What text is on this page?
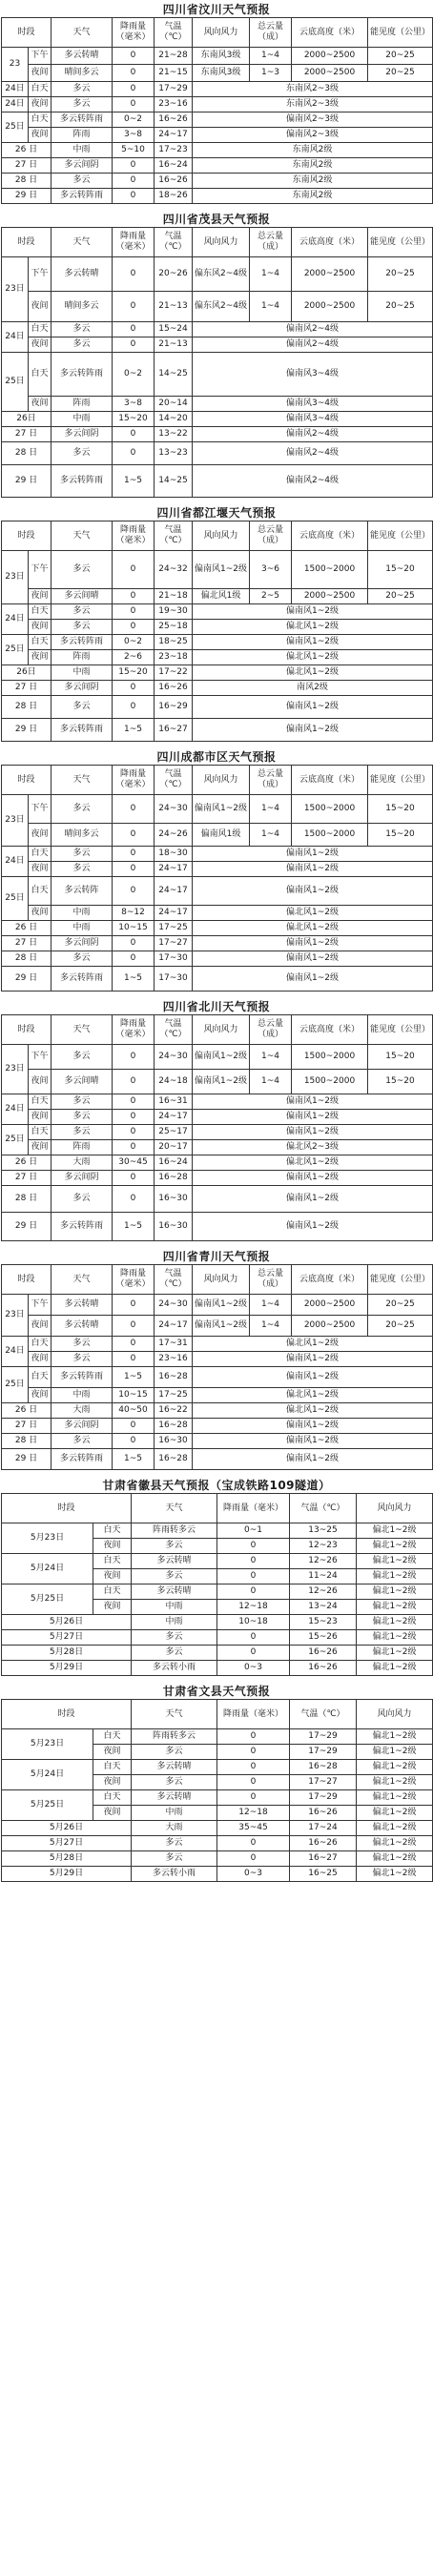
四川省汶川天气预报
时段		天气	降雨量（毫米）	气温（℃）	风向风力	总云量（成）	云底高度（米）	能见度（公里）
23	下午	多云转晴	0	21~28	东南风3级	1~4	2000~2500	20~25
	夜间	晴间多云	0	21~15	东南风3级	1~3	2000~2500	20~25
24日	白天	多云	0	17~29	东南风2~3级			
24日	夜间	多云	0	23~16	东南风2~3级			
25日	白天	多云转阵雨	0~2	16~26	偏南风2~3级			
	夜间	阵雨	3~8	24~17	偏南风2~3级			
26 日		中雨	5~10	17~23	东南风2级			
27 日		多云间阴	0	16~24	东南风2级			
28 日		多云	0	16~26	东南风2级			
29 日		多云转阵雨	0	18~26	东南风2级			
四川省茂县天气预报
时段		天气	降雨量（毫米）	气温（℃）	风向风力	总云量（成）	云底高度（米）	能见度（公里）
23日	下午	多云转晴	0	20~26	偏东风2~4级	1~4	2000~2500	20~25
	夜间	晴间多云	0	21~13	偏东风2~4级	1~4	2000~2500	20~25
24日	白天	多云	0	15~24	偏南风2~4级			
	夜间	多云	0	21~13	偏南风2~4级			
25日	白天	多云转阵雨	0~2	14~25	偏南风3~4级			
	夜间	阵雨	3~8	20~14	偏南风3~4级			
26日		中雨	15~20	14~20	偏南风3~4级			
27 日		多云间阴	0	13~22	偏南风2~4级			
28 日		多云	0	13~23	偏南风2~4级			
29 日		多云转阵雨	1~5	14~25	偏南风2~4级			
四川省都江堰天气预报
时段		天气	降雨量（毫米）	气温（℃）	风向风力	总云量（成）	云底高度（米）	能见度（公里）
23日	下午	多云	0	24~32	偏南风1~2级	3~6	1500~2000	15~20
	夜间	多云间晴	0	21~18	偏北风1级	2~5	2000~2500	20~25
24日	白天	多云	0	19~30	偏南风1~2级			
	夜间	多云	0	25~18	偏北风1~2级			
25日	白天	多云转阵雨	0~2	18~25	偏南风1~2级			
	夜间	阵雨	2~6	23~18	偏北风1~2级			
26日		中雨	15~20	17~22	偏北风1~2级			
27 日		多云间阴	0	16~26	南风2级			
28 日		多云	0	16~29	偏南风1~2级			
29 日		多云转阵雨	1~5	16~27	偏南风1~2级			
四川成都市区天气预报
时段		天气	降雨量（毫米）	气温（℃）	风向风力	总云量（成）	云底高度（米）	能见度（公里）
23日	下午	多云	0	24~30	偏南风1~2级	1~4	1500~2000	15~20
	夜间	晴间多云	0	24~26	偏南风1级	1~4	1500~2000	15~20
24日	白天	多云	0	18~30	偏南风1~2级			
	夜间	多云	0	24~17	偏南风1~2级			
25日	白天	多云转阵	0	24~17	偏南风1~2级			
	夜间	中雨	8~12	24~17	偏北风1~2级			
26 日		中雨	10~15	17~25	偏北风1~2级			
27 日		多云间阴	0	17~27	偏南风1~2级			
28 日		多云	0	17~30	偏南风1~2级			
29 日		多云转阵雨	1~5	17~30	偏南风1~2级			
四川省北川天气预报
时段		天气	降雨量（毫米）	气温（℃）	风向风力	总云量（成）	云底高度（米）	能见度（公里）
23日	下午	多云	0	24~30	偏南风1~2级	1~4	1500~2000	15~20
	夜间	多云间晴	0	24~18	偏南风1~2级	1~4	1500~2000	15~20
24日	白天	多云	0	16~31	偏南风1~2级			
	夜间	多云	0	24~17	偏南风1~2级			
25日	白天	多云	0	25~17	偏南风1~2级			
	夜间	阵雨	0	20~17	偏北风2~3级			
26 日		大雨	30~45	16~24	偏北风1~2级			
27 日		多云间阴	0	16~28	偏南风1~2级			
28 日		多云	0	16~30	偏南风1~2级			
29 日		多云转阵雨	1~5	16~30	偏南风1~2级			
四川省青川天气预报
时段		天气	降雨量（毫米）	气温（℃）	风向风力	总云量（成）	云底高度（米）	能见度（公里）
23日	下午	多云转晴	0	24~30	偏南风1~2级	1~4	2000~2500	20~25
	夜间	多云转晴	0	24~17	偏南风1~2级	1~4	2000~2500	20~25
24日	白天	多云	0	17~31	偏北风1~2级			
	夜间	多云	0	23~16	偏南风1~2级			
25日	白天	多云转阵雨	1~5	16~28	偏南风1~2级			
	夜间	中雨	10~15	17~25	偏北风1~2级			
26 日		大雨	40~50	16~22	偏北风1~2级			
27 日		多云间阴	0	16~28	偏南风1~2级			
28 日		多云	0	16~30	偏南风1~2级			
29 日		多云转阵雨	1~5	16~28	偏南风1~2级			
甘肃省徽县天气预报（宝成铁路109隧道）
时段		天气	降雨量（毫米）	气温（℃）	风向风力
5月23日	白天	阵雨转多云	0~1	13~25	偏北1~2级
	夜间	多云	0	12~23	偏北1~2级
5月24日	白天	多云转晴	0	12~26	偏北1~2级
	夜间	多云	0	11~24	偏北1~2级
5月25日	白天	多云转晴	0	12~26	偏北1~2级
	夜间	中雨	12~18	13~24	偏北1~2级
5月26日		中雨	10~18	15~23	偏北1~2级
5月27日		多云	0	15~26	偏北1~2级
5月28日		多云	0	16~26	偏北1~2级
5月29日		多云转小雨	0~3	16~26	偏北1~2级
甘肃省文县天气预报
时段		天气	降雨量（毫米）	气温（℃）	风向风力
5月23日	白天	阵雨转多云	0	17~29	偏北1~2级
	夜间	多云	0	17~29	偏北1~2级
5月24日	白天	多云转晴	0	16~28	偏北1~2级
	夜间	多云	0	17~27	偏北1~2级
5月25日	白天	多云转晴	0	17~29	偏北1~2级
	夜间	中雨	12~18	16~26	偏北1~2级
5月26日		大雨	35~45	17~24	偏北1~2级
5月27日		多云	0	16~26	偏北1~2级
5月28日		多云	0	16~27	偏北1~2级
5月29日		多云转小雨	0~3	16~25	偏北1~2级
